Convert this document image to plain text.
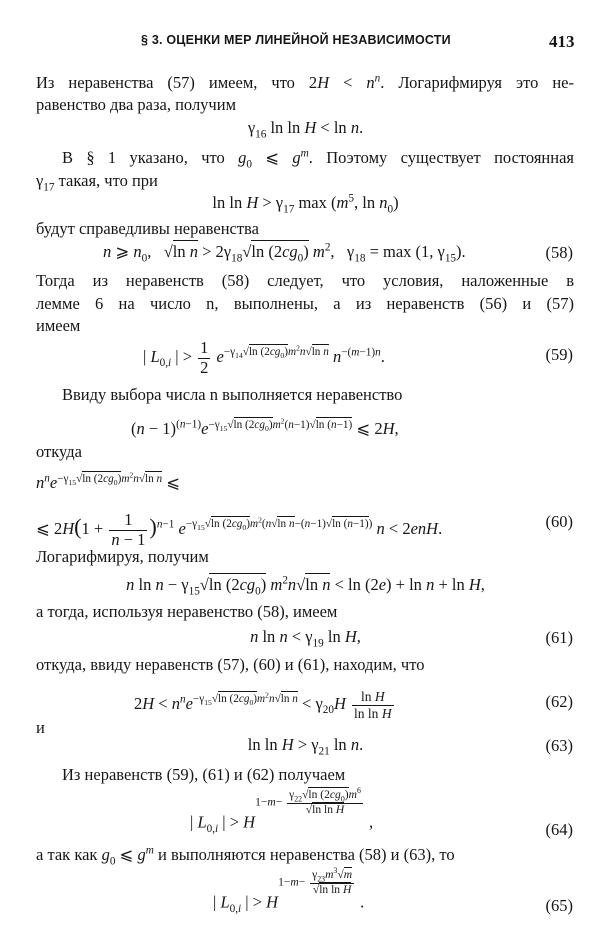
§ 3. ОЦЕНКИ МЕР ЛИНЕЙНОЙ НЕЗАВИСИМОСТИ	413
Из неравенства (57) имеем, что $2H < n^n$. Логарифмируя это не-
равенство два раза, получим
$\gamma_{16}$ ln ln H < ln n.
В § 1 указано, что $g_0$ ⩽ $g^m$. Поэтому существует постоянная
$\gamma_{17}$ такая, что при
$\ln \ln H > \gamma_{17}$ $\max (m^5$, $\ln n_0$)
будут справедливы неравенства
n ⩾ $n_0$,   √ln $n > 2\gamma_{18}√\ln$ $(2cg_0)$ $m^2$,   $\gamma_{18} = \max (1$, $\gamma_{15}$).	(58)
Тогда из неравенств (58) следует, что условия, наложенные в
лемме 6 на число n, выполнены, а из неравенств (56) и (57)
имеем
| $L_{0,i}$ | > $\frac{1}{2} e^{-\gamma_{14}√ln (2cg_0)m^2n√ln n}$ $n^{-(m-1)n}$.	(59)
Ввиду выбора числа n выполняется неравенство
$(n - 1)^{(n-1)}e^{-\gamma_{15}√ln (2cg_0)m^2(n-1)√ln (n-1)}$ ⩽ 2H,
откуда
$n^ne^{-\gamma_{15}√ln (2cg_0)m^2n√ln n}$ ⩽
⩽ $2H(1 + \frac{1}{n - 1} )^{n-1}$ $e^{-\gamma_{15}√ln (2cg_0)m^2(n√ln n-(n-1)√ln (n-1))}$ n < 2enH.	(60)
Логарифмируя, получим
n $\ln n - \gamma_{15}√\ln$ $(2cg_0)$ $m^2n√\ln$ n < ln (2e) + ln n + ln H,
а тогда, используя неравенство (58), имеем
n $\ln n < \gamma_{19}$ ln H,	(61)
откуда, ввиду неравенств (57), (60) и (61), находим, что
$2H < n^ne^{-\gamma_{15}√ln (2cg_0)m^2n√ln n} < \gamma_{20}H \frac{\text{ln H}}{\text{ln ln H}}$	(62)
и
$\ln \ln H > \gamma_{21}$ ln n.	(63)
Из неравенств (59), (61) и (62) получаем
| $L_{0,i}$ | > $H1-m- \frac{\gamma_{22}√\ln (2cg_0)m^6}{\text{√ln ln H}}$
,	(64)
а так как $g_0$ ⩽ $g^m$ и выполняются неравенства (58) и (63), то
| $L_{0,i}$ | > $H1-m- \frac{\gamma_{23}m^3√m}{\text{√ln ln H}}$
.	(65)
